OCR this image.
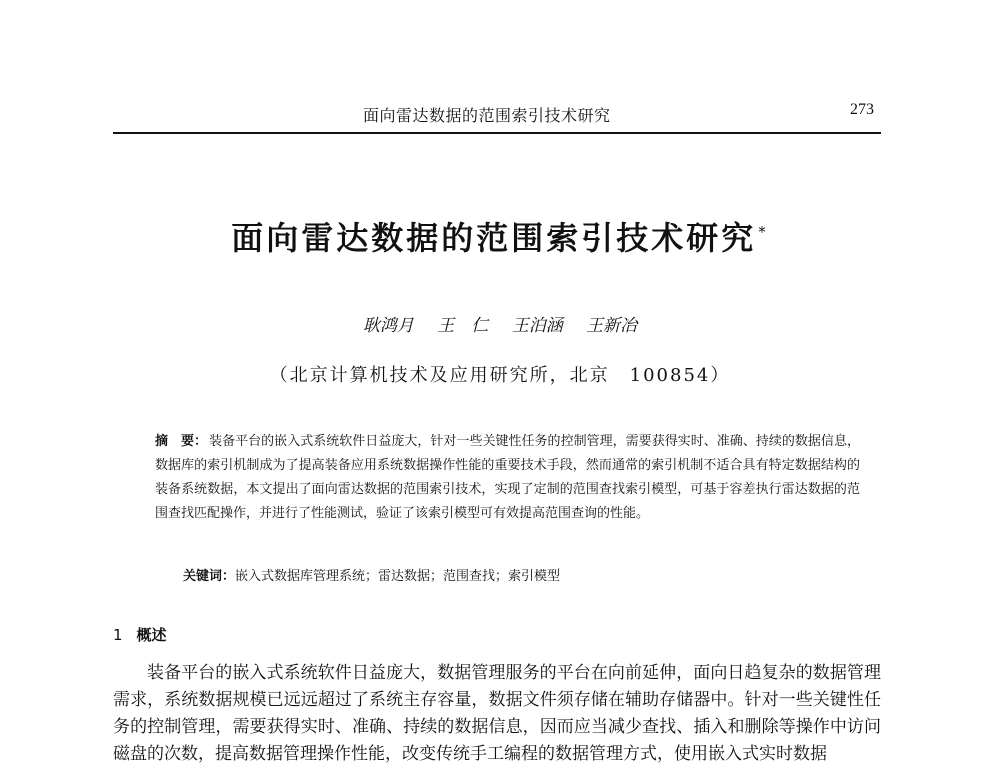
面向雷达数据的范围索引技术研究	273
面向雷达数据的范围索引技术研究 *
耿鸿月 王　仁 王泊涵 王新冶
（北京计算机技术及应用研究所，北京　100854）
摘　要： 装备平台的嵌入式系统软件日益庞大，针对一些关键性任务的控制管理，需要获得实时、准确、持续的数据信息，数据库的索引机制成为了提高装备应用系统数据操作性能的重要技术手段，然而通常的索引机制不适合具有特定数据结构的装备系统数据，本文提出了面向雷达数据的范围索引技术，实现了定制的范围查找索引模型，可基于容差执行雷达数据的范围查找匹配操作，并进行了性能测试，验证了该索引模型可有效提高范围查询的性能。
关键词：嵌入式数据库管理系统；雷达数据；范围查找；索引模型
1 概述
装备平台的嵌入式系统软件日益庞大，数据管理服务的平台在向前延伸，面向日趋复杂的数据管理需求，系统数据规模已远远超过了系统主存容量，数据文件须存储在辅助存储器中。针对一些关键性任务的控制管理，需要获得实时、准确、持续的数据信息，因而应当减少查找、插入和删除等操作中访问磁盘的次数，提高数据管理操作性能，改变传统手工编程的数据管理方式，使用嵌入式实时数据
